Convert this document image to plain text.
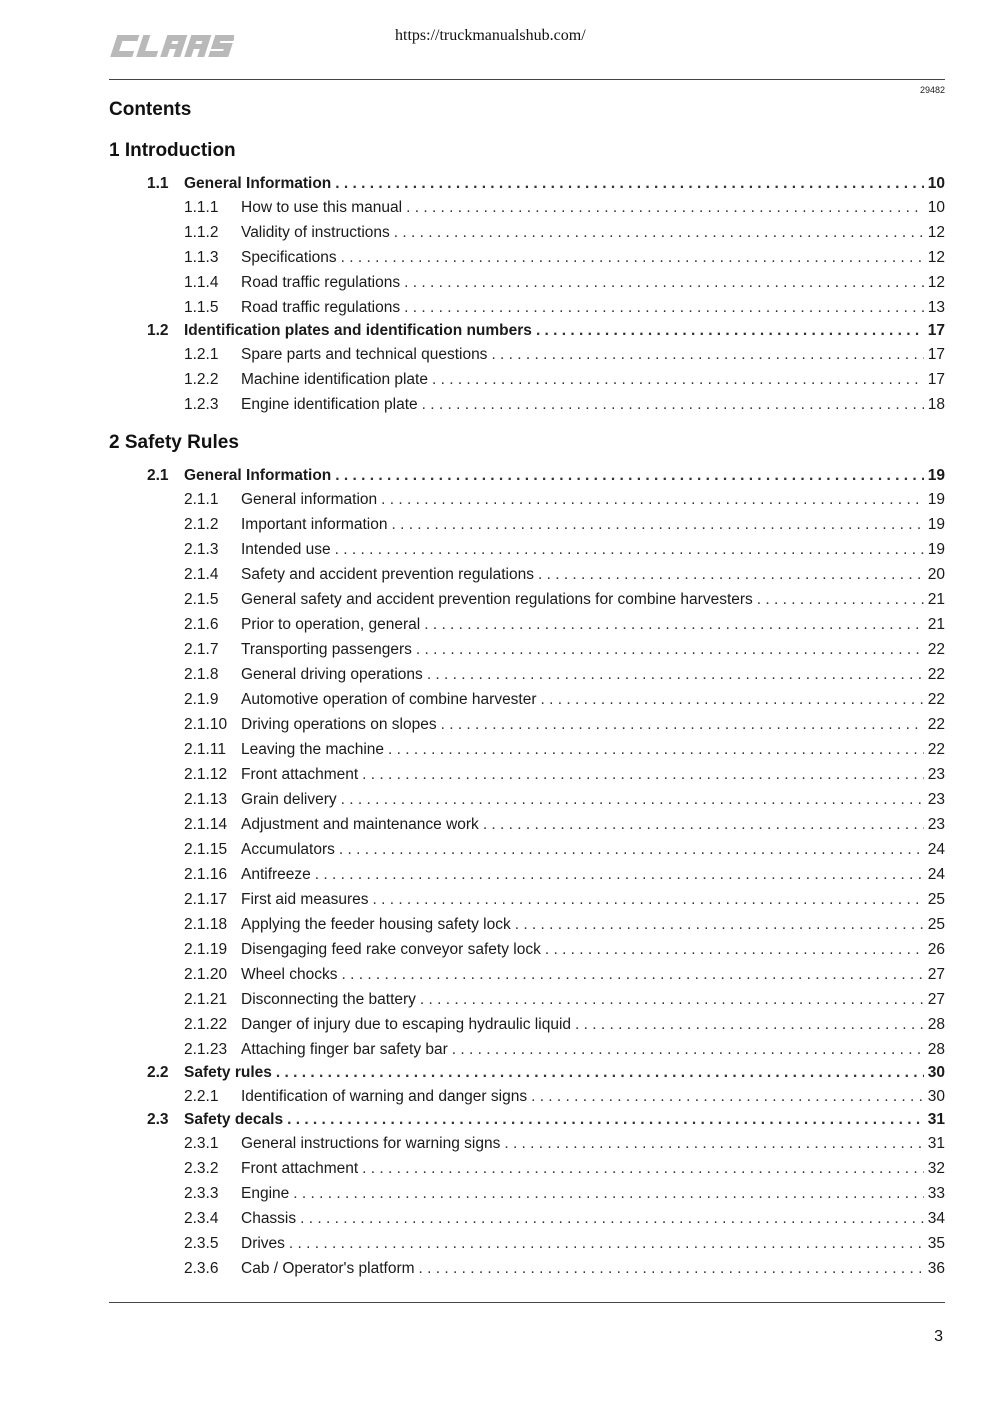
https://truckmanualshub.com/
29482
Contents
1 Introduction
1.1 General Information . . .	10
1.1.1	How to use this manual . . .	10
1.1.2	Validity of instructions . . .	12
1.1.3	Specifications . . .	12
1.1.4	Road traffic regulations . . .	12
1.1.5	Road traffic regulations . . .	13
1.2 Identification plates and identification numbers . . .	17
1.2.1	Spare parts and technical questions . . .	17
1.2.2	Machine identification plate . . .	17
1.2.3	Engine identification plate . . .	18
2 Safety Rules
2.1 General Information . . .	19
2.1.1	General information . . .	19
2.1.2	Important information . . .	19
2.1.3	Intended use . . .	19
2.1.4	Safety and accident prevention regulations . . .	20
2.1.5	General safety and accident prevention regulations for combine harvesters . . .	21
2.1.6	Prior to operation, general . . .	21
2.1.7	Transporting passengers . . .	22
2.1.8	General driving operations . . .	22
2.1.9	Automotive operation of combine harvester . . .	22
2.1.10 Driving operations on slopes . . .	22
2.1.11 Leaving the machine . . .	22
2.1.12 Front attachment . . .	23
2.1.13 Grain delivery . . .	23
2.1.14 Adjustment and maintenance work . . .	23
2.1.15 Accumulators . . .	24
2.1.16 Antifreeze . . .	24
2.1.17 First aid measures . . .	25
2.1.18 Applying the feeder housing safety lock . . .	25
2.1.19 Disengaging feed rake conveyor safety lock . . .	26
2.1.20 Wheel chocks . . .	27
2.1.21 Disconnecting the battery . . .	27
2.1.22 Danger of injury due to escaping hydraulic liquid . . .	28
2.1.23 Attaching finger bar safety bar . . .	28
2.2 Safety rules . . .	30
2.2.1	Identification of warning and danger signs . . .	30
2.3 Safety decals . . .	31
2.3.1	General instructions for warning signs . . .	31
2.3.2	Front attachment . . .	32
2.3.3	Engine . . .	33
2.3.4	Chassis . . .	34
2.3.5	Drives . . .	35
2.3.6	Cab / Operator's platform . . .	36
3
